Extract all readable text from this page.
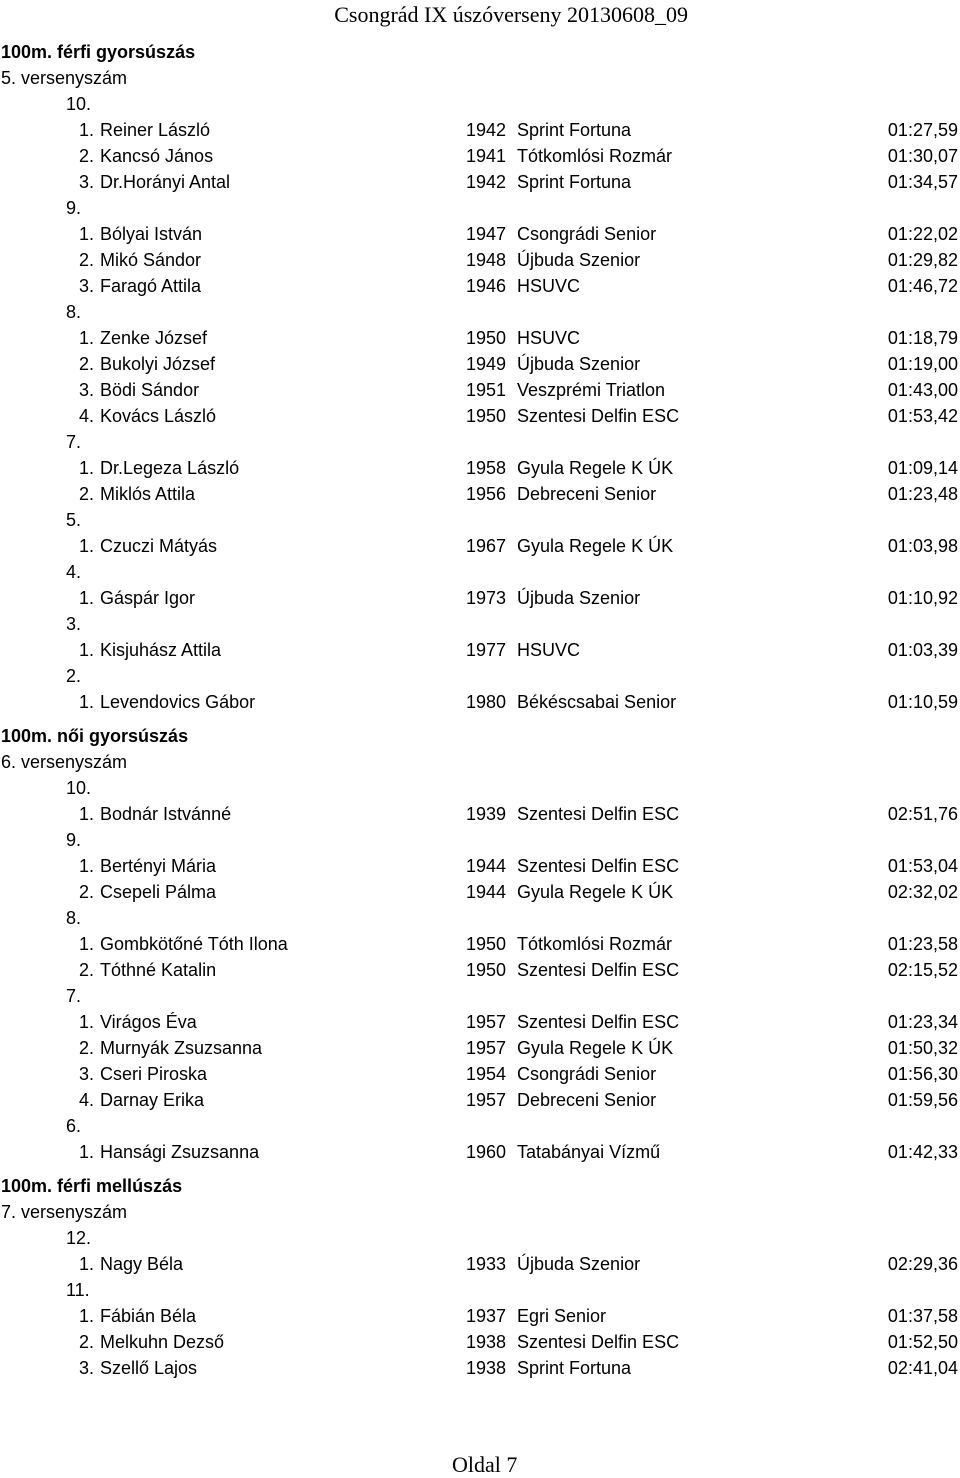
Csongrád IX úszóverseny 20130608_09
100m. férfi gyorsúszás
5. versenyszám
10.
1. Reiner László	1942 Sprint Fortuna	01:27,59
2. Kancsó János	1941 Tótkomlósi Rozmár	01:30,07
3. Dr.Horányi Antal	1942 Sprint Fortuna	01:34,57
9.
1. Bólyai István	1947 Csongrádi Senior	01:22,02
2. Mikó Sándor	1948 Újbuda Szenior	01:29,82
3. Faragó Attila	1946 HSUVC	01:46,72
8.
1. Zenke József	1950 HSUVC	01:18,79
2. Bukolyi József	1949 Újbuda Szenior	01:19,00
3. Bödi Sándor	1951 Veszprémi Triatlon	01:43,00
4. Kovács László	1950 Szentesi Delfin ESC	01:53,42
7.
1. Dr.Legeza László	1958 Gyula Regele K ÚK	01:09,14
2. Miklós Attila	1956 Debreceni Senior	01:23,48
5.
1. Czuczi Mátyás	1967 Gyula Regele K ÚK	01:03,98
4.
1. Gáspár Igor	1973 Újbuda Szenior	01:10,92
3.
1. Kisjuhász Attila	1977 HSUVC	01:03,39
2.
1. Levendovics Gábor	1980 Békéscsabai Senior	01:10,59
100m. női gyorsúszás
6. versenyszám
10.
1. Bodnár Istvánné	1939 Szentesi Delfin ESC	02:51,76
9.
1. Bertényi Mária	1944 Szentesi Delfin ESC	01:53,04
2. Csepeli Pálma	1944 Gyula Regele K ÚK	02:32,02
8.
1. Gombkötőné Tóth Ilona	1950 Tótkomlósi Rozmár	01:23,58
2. Tóthné Katalin	1950 Szentesi Delfin ESC	02:15,52
7.
1. Virágos Éva	1957 Szentesi Delfin ESC	01:23,34
2. Murnyák Zsuzsanna	1957 Gyula Regele K ÚK	01:50,32
3. Cseri Piroska	1954 Csongrádi Senior	01:56,30
4. Darnay Erika	1957 Debreceni Senior	01:59,56
6.
1. Hansági Zsuzsanna	1960 Tatabányai Vízmű	01:42,33
100m. férfi mellúszás
7. versenyszám
12.
1. Nagy Béla	1933 Újbuda Szenior	02:29,36
11.
1. Fábián Béla	1937 Egri Senior	01:37,58
2. Melkuhn Dezső	1938 Szentesi Delfin ESC	01:52,50
3. Szellő Lajos	1938 Sprint Fortuna	02:41,04
Oldal 7
